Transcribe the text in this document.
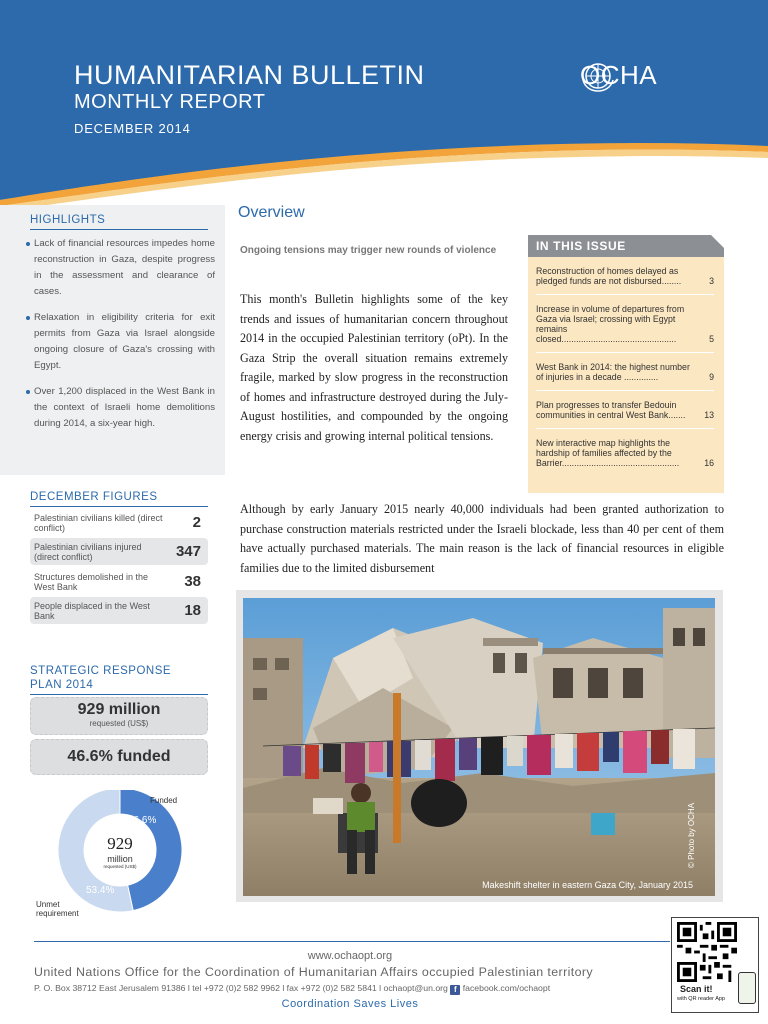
HUMANITARIAN BULLETIN
MONTHLY REPORT
DECEMBER 2014
OCHA
HIGHLIGHTS
Lack of financial resources impedes home reconstruction in Gaza, despite progress in the assessment and clearance of cases.
Relaxation in eligibility criteria for exit permits from Gaza via Israel alongside ongoing closure of Gaza's crossing with Egypt.
Over 1,200 displaced in the West Bank in the context of Israeli home demolitions during 2014, a six-year high.
DECEMBER FIGURES
Palestinian civilians killed (direct conflict)	2
Palestinian civilians injured (direct conflict)	347
Structures demolished in the West Bank	38
People displaced in the West Bank	18
STRATEGIC RESPONSE
PLAN 2014
929 million
requested (US$)
46.6% funded
Funded
46.6%
53.4%
Unmet
requirement
929
million
requested (US$)
Overview
Ongoing tensions may trigger new rounds of violence
This month's Bulletin highlights some of the key trends and issues of humanitarian concern throughout 2014 in the occupied Palestinian territory (oPt). In the Gaza Strip the overall situation remains extremely fragile, marked by slow progress in the reconstruction of homes and infrastructure destroyed during the July-August hostilities, and compounded by the ongoing energy crisis and growing internal political tensions.
Although by early January 2015 nearly 40,000 individuals had been granted authorization to purchase construction materials restricted under the Israeli blockade, less than 40 per cent of them have actually purchased materials. The main reason is the lack of financial resources in eligible families due to the limited disbursement
IN THIS ISSUE
Reconstruction of homes delayed as pledged funds are not disbursed........	3
Increase in volume of departures from Gaza via Israel; crossing with Egypt remains closed...............................................	5
West Bank in 2014: the highest number of injuries in a decade ..............	9
Plan progresses to transfer Bedouin communities in central West Bank.......	13
New interactive map highlights the hardship of families affected by the Barrier................................................	16
Makeshift shelter in eastern Gaza City, January 2015
© Photo by OCHA
www.ochaopt.org
United Nations Office for the Coordination of Humanitarian Affairs occupied Palestinian territory
P. O. Box 38712 East Jerusalem 91386 l tel +972 (0)2 582 9962 l fax +972 (0)2 582 5841 l ochaopt@un.org f facebook.com/ochaopt
Coordination Saves Lives
Scan it!
with QR reader App
